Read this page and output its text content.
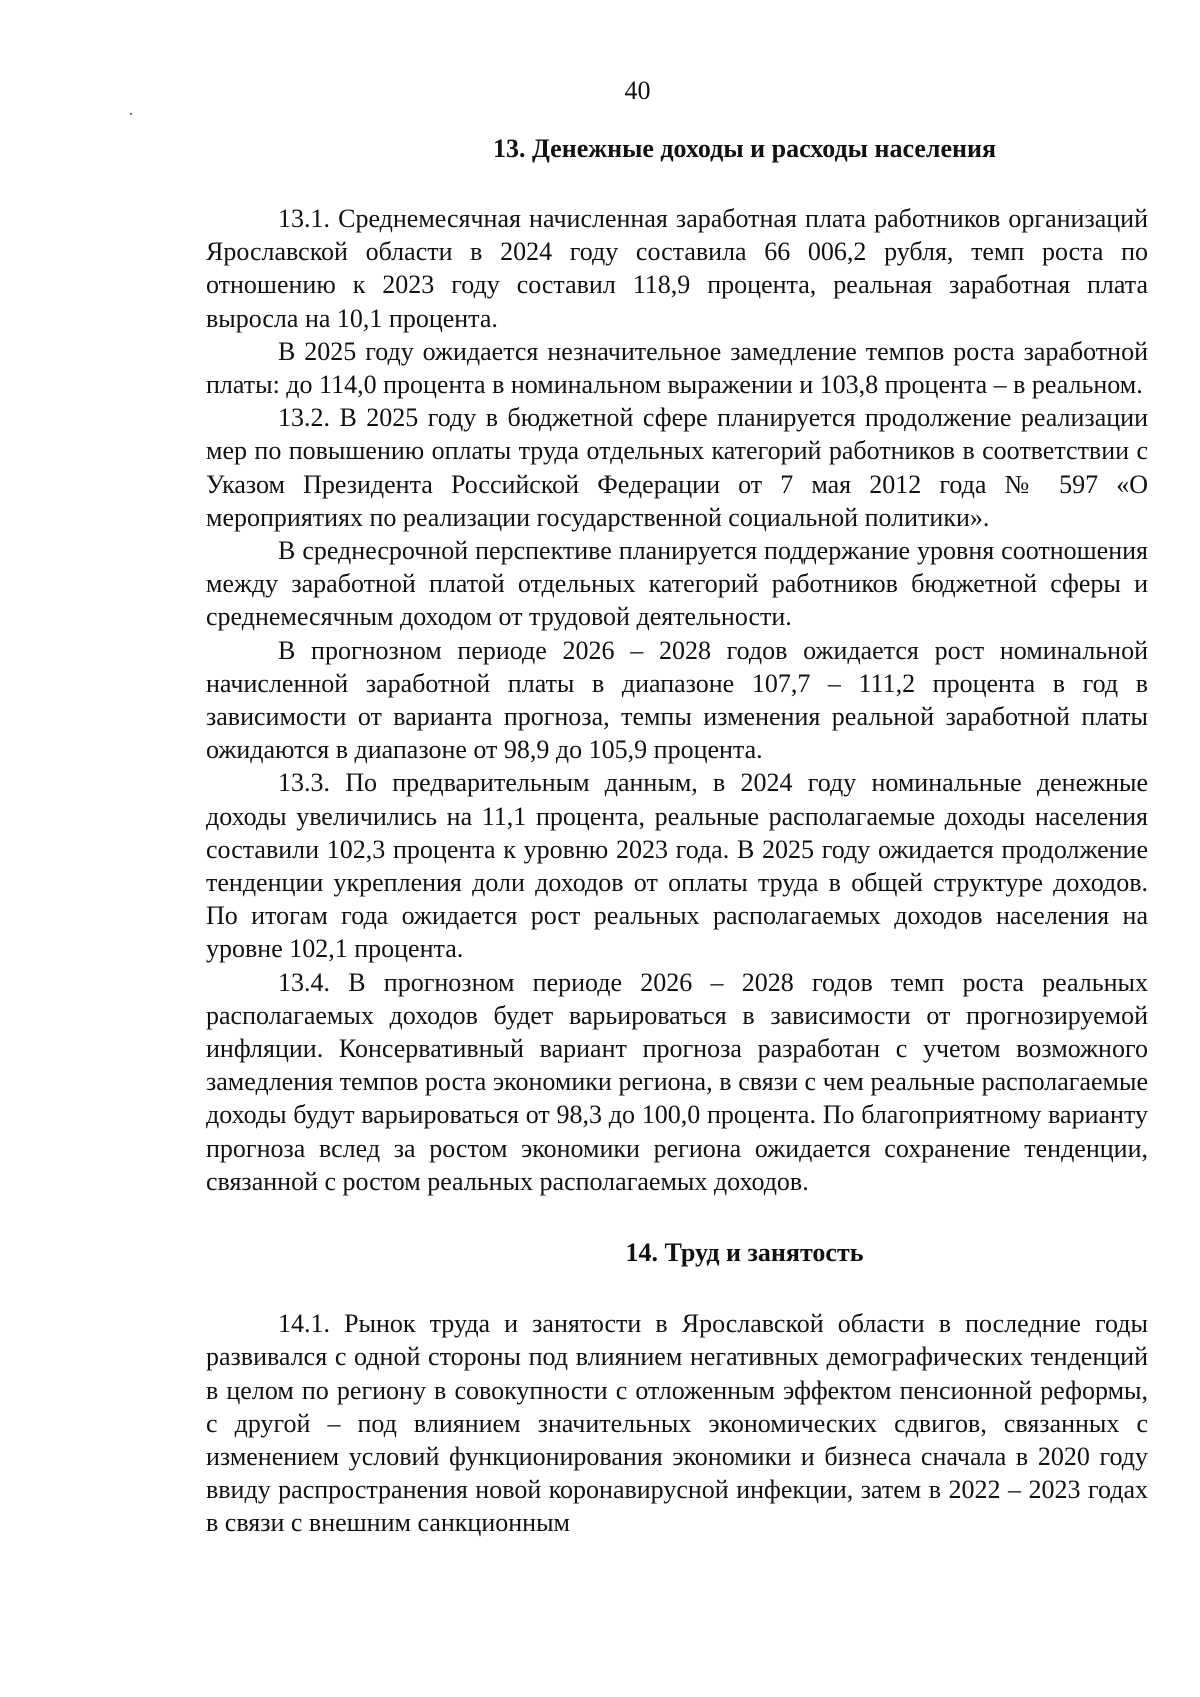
40
13. Денежные доходы и расходы населения

13.1. Среднемесячная начисленная заработная плата работников организаций Ярославской области в 2024 году составила 66 006,2 рубля, темп роста по отношению к 2023 году составил 118,9 процента, реальная заработная плата выросла на 10,1 процента.

В 2025 году ожидается незначительное замедление темпов роста заработной платы: до 114,0 процента в номинальном выражении и 103,8 процента – в реальном.

13.2. В 2025 году в бюджетной сфере планируется продолжение реализации мер по повышению оплаты труда отдельных категорий работников в соответствии с Указом Президента Российской Федерации от 7 мая 2012 года № 597 «О мероприятиях по реализации государственной социальной политики».

В среднесрочной перспективе планируется поддержание уровня соотношения между заработной платой отдельных категорий работников бюджетной сферы и среднемесячным доходом от трудовой деятельности.

В прогнозном периоде 2026 – 2028 годов ожидается рост номинальной начисленной заработной платы в диапазоне 107,7 – 111,2 процента в год в зависимости от варианта прогноза, темпы изменения реальной заработной платы ожидаются в диапазоне от 98,9 до 105,9 процента.

13.3. По предварительным данным, в 2024 году номинальные денежные доходы увеличились на 11,1 процента, реальные располагаемые доходы населения составили 102,3 процента к уровню 2023 года. В 2025 году ожидается продолжение тенденции укрепления доли доходов от оплаты труда в общей структуре доходов. По итогам года ожидается рост реальных располагаемых доходов населения на уровне 102,1 процента.

13.4. В прогнозном периоде 2026 – 2028 годов темп роста реальных располагаемых доходов будет варьироваться в зависимости от прогнозируемой инфляции. Консервативный вариант прогноза разработан с учетом возможного замедления темпов роста экономики региона, в связи с чем реальные располагаемые доходы будут варьироваться от 98,3 до 100,0 процента. По благоприятному варианту прогноза вслед за ростом экономики региона ожидается сохранение тенденции, связанной с ростом реальных располагаемых доходов.

14. Труд и занятость

14.1. Рынок труда и занятости в Ярославской области в последние годы развивался с одной стороны под влиянием негативных демографических тенденций в целом по региону в совокупности с отложенным эффектом пенсионной реформы, с другой – под влиянием значительных экономических сдвигов, связанных с изменением условий функционирования экономики и бизнеса сначала в 2020 году ввиду распространения новой коронавирусной инфекции, затем в 2022 – 2023 годах в связи с внешним санкционным
